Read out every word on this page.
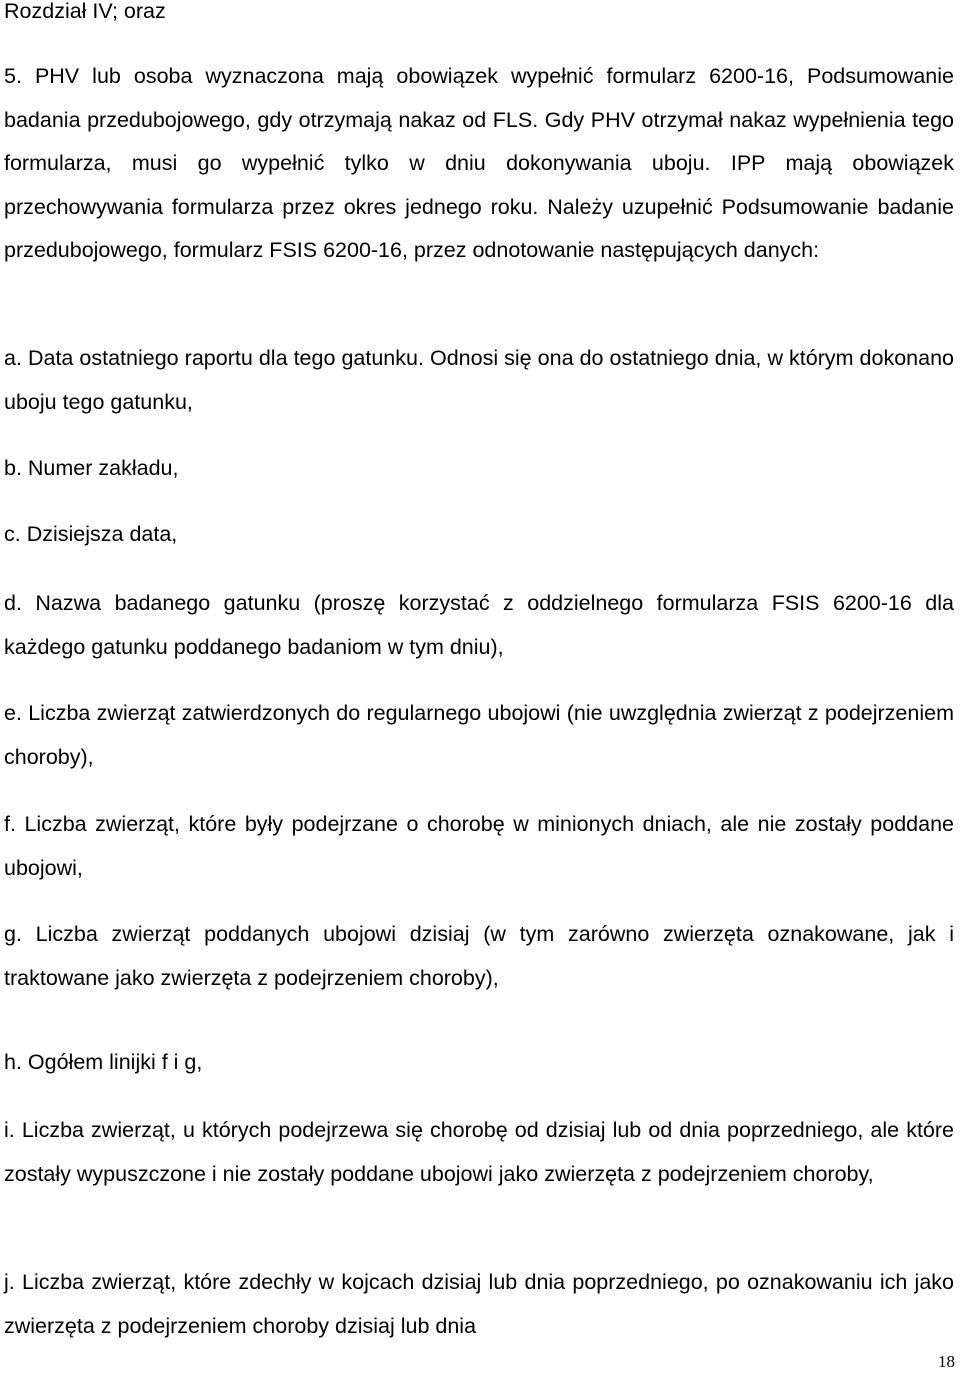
Rozdział IV; oraz

5. PHV lub osoba wyznaczona mają obowiązek wypełnić formularz 6200-16, Podsumowanie badania przedubojowego, gdy otrzymają nakaz od FLS. Gdy PHV otrzymał nakaz wypełnienia tego formularza, musi go wypełnić tylko w dniu dokonywania uboju. IPP mają obowiązek przechowywania formularza przez okres jednego roku. Należy uzupełnić Podsumowanie badanie przedubojowego, formularz FSIS 6200-16, przez odnotowanie następujących danych:

a. Data ostatniego raportu dla tego gatunku. Odnosi się ona do ostatniego dnia, w którym dokonano uboju tego gatunku,

b. Numer zakładu,

c. Dzisiejsza data,

d. Nazwa badanego gatunku (proszę korzystać z oddzielnego formularza FSIS 6200-16 dla każdego gatunku poddanego badaniom w tym dniu),

e. Liczba zwierząt zatwierdzonych do regularnego ubojowi (nie uwzględnia zwierząt z podejrzeniem choroby),

f. Liczba zwierząt, które były podejrzane o chorobę w minionych dniach, ale nie zostały poddane ubojowi,

g. Liczba zwierząt poddanych ubojowi dzisiaj (w tym zarówno zwierzęta oznakowane, jak i traktowane jako zwierzęta z podejrzeniem choroby),

h. Ogółem linijki f i g,

i. Liczba zwierząt, u których podejrzewa się chorobę od dzisiaj lub od dnia poprzedniego, ale które zostały wypuszczone i nie zostały poddane ubojowi jako zwierzęta z podejrzeniem choroby,

j. Liczba zwierząt, które zdechły w kojcach dzisiaj lub dnia poprzedniego, po oznakowaniu ich jako zwierzęta z podejrzeniem choroby dzisiaj lub dnia

18
